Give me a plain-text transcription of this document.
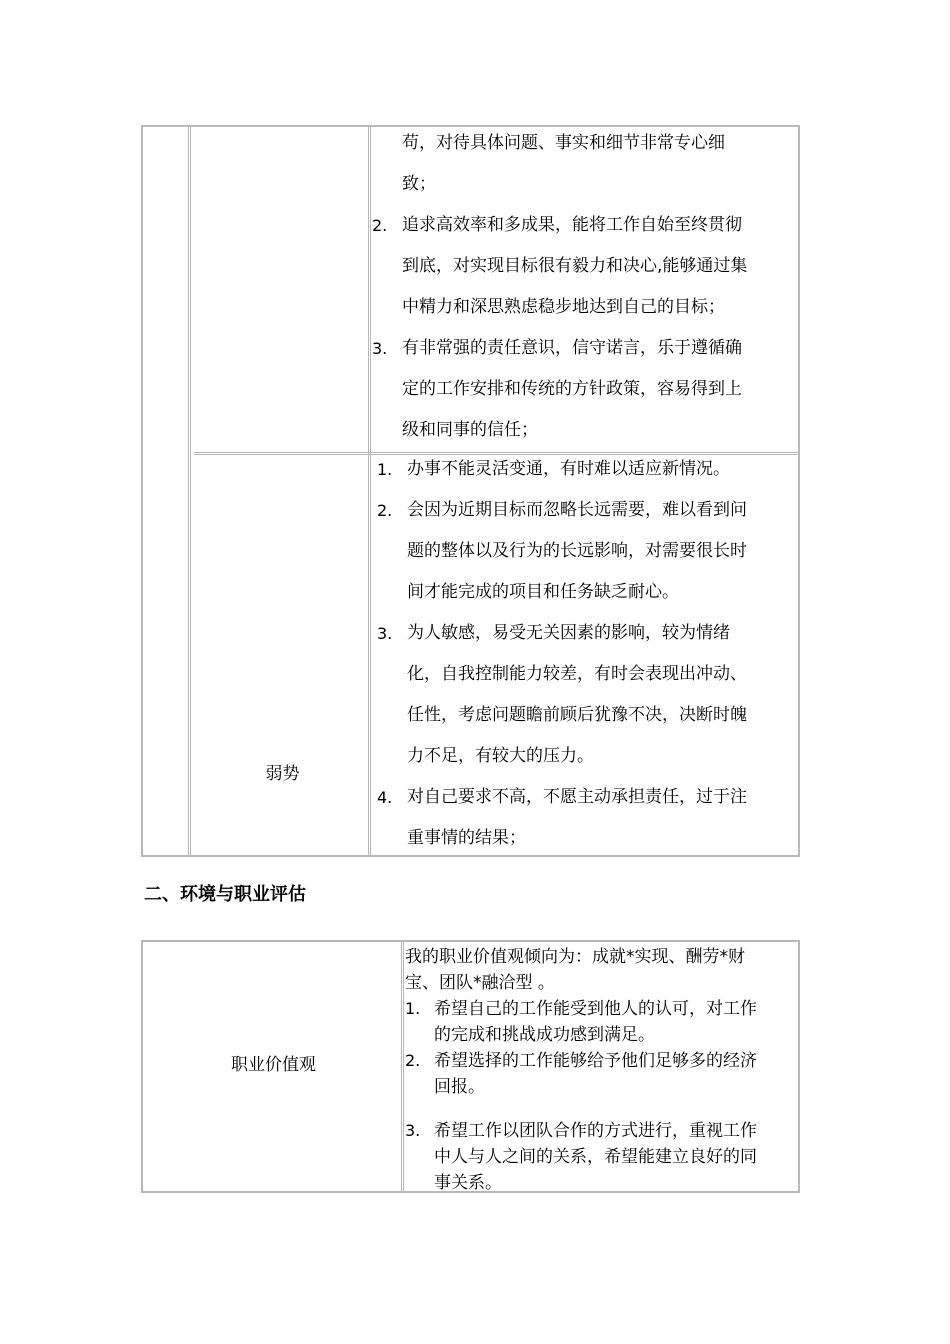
弱势
苟，对待具体问题、事实和细节非常专心细
致；
2. 追求高效率和多成果，能将工作自始至终贯彻
到底，对实现目标很有毅力和决心,能够通过集
中精力和深思熟虑稳步地达到自己的目标；
3. 有非常强的责任意识，信守诺言，乐于遵循确
定的工作安排和传统的方针政策，容易得到上
级和同事的信任；
1. 办事不能灵活变通，有时难以适应新情况。
2. 会因为近期目标而忽略长远需要，难以看到问
题的整体以及行为的长远影响，对需要很长时
间才能完成的项目和任务缺乏耐心。
3. 为人敏感，易受无关因素的影响，较为情绪
化，自我控制能力较差，有时会表现出冲动、
任性，考虑问题瞻前顾后犹豫不决，决断时魄
力不足，有较大的压力。
4. 对自己要求不高，不愿主动承担责任，过于注
重事情的结果；
二、环境与职业评估
职业价值观
我的职业价值观倾向为：成就*实现、酬劳*财
宝、团队*融洽型 。
1. 希望自己的工作能受到他人的认可，对工作
的完成和挑战成功感到满足。
2. 希望选择的工作能够给予他们足够多的经济
回报。
3. 希望工作以团队合作的方式进行，重视工作
中人与人之间的关系，希望能建立良好的同
事关系。
